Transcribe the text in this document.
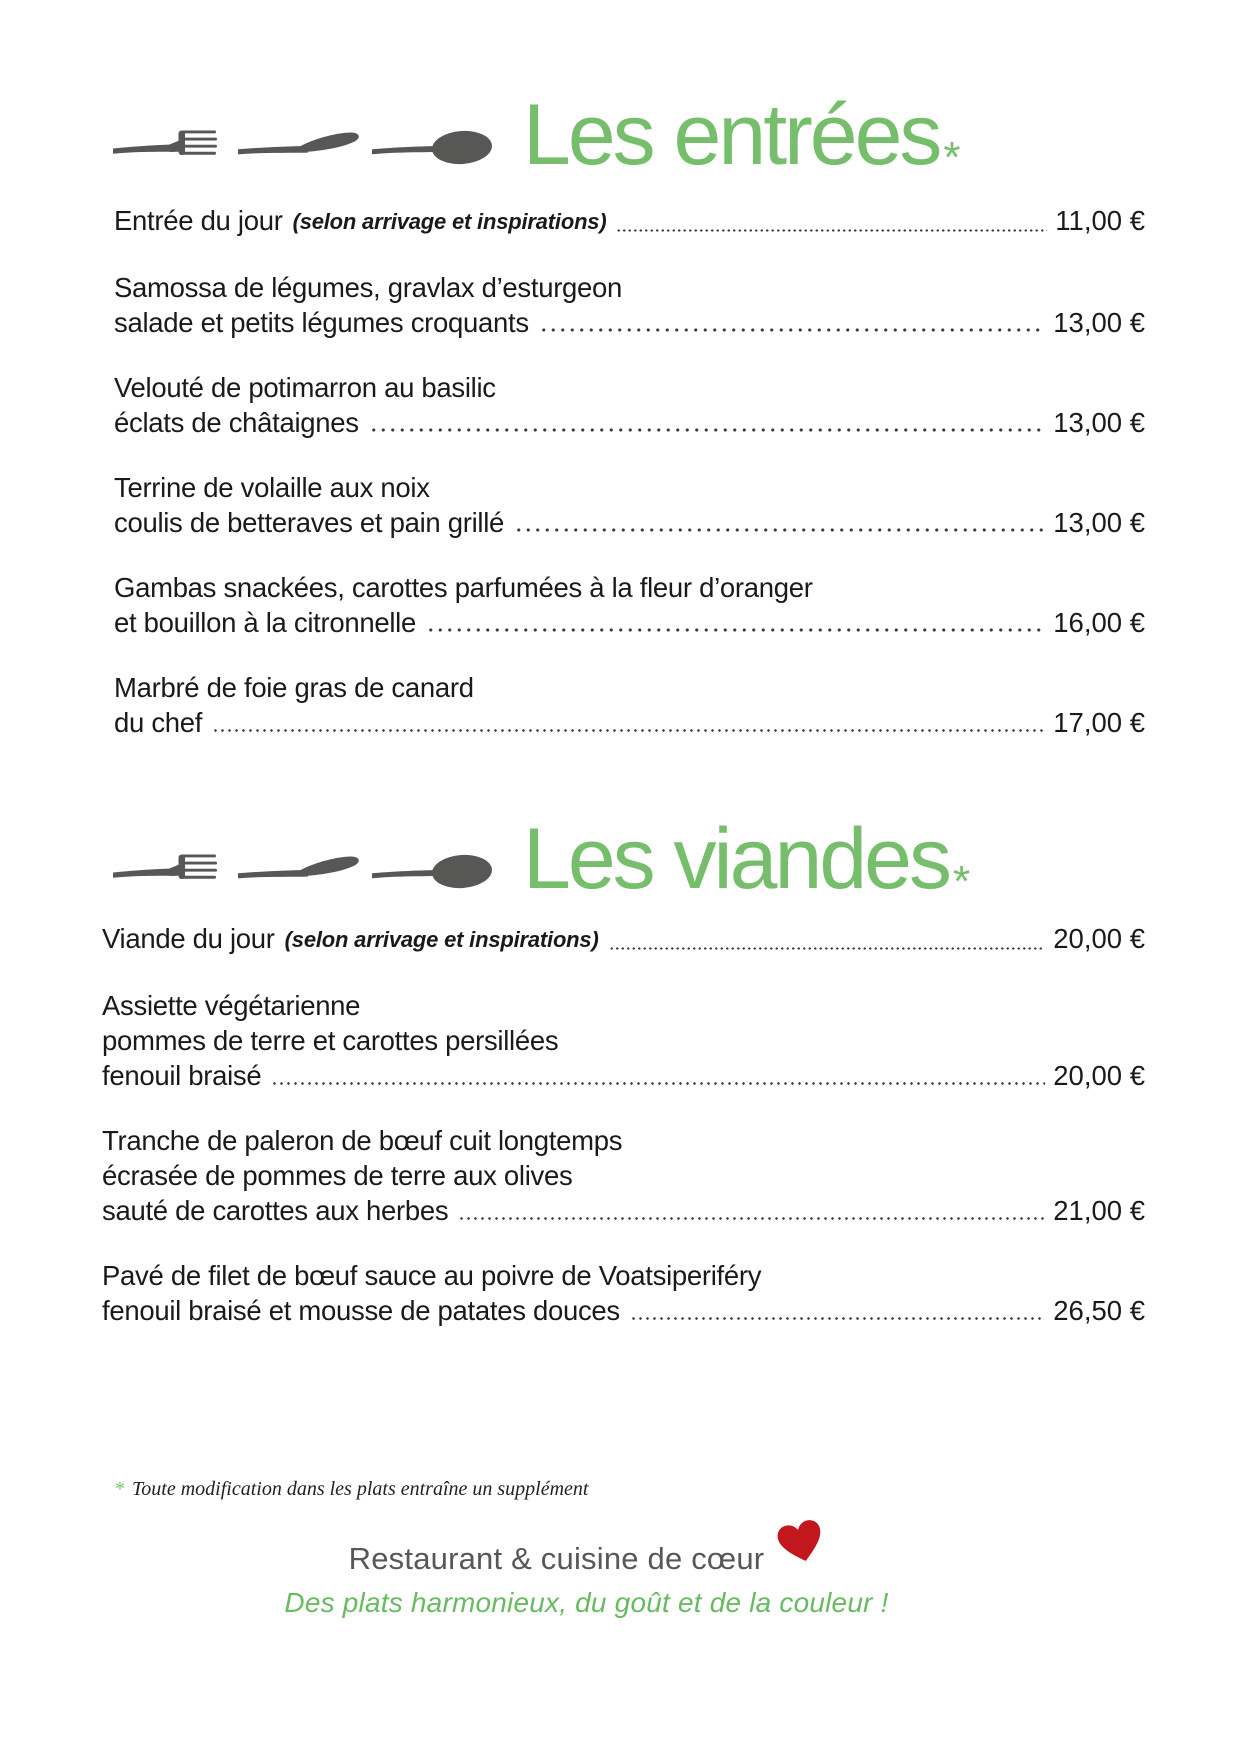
Les entrées*
Entrée du jour (selon arrivage et inspirations)	11,00 €
Samossa de légumes, gravlax d’esturgeon
salade et petits légumes croquants	13,00 €
Velouté de potimarron au basilic
éclats de châtaignes	13,00 €
Terrine de volaille aux noix
coulis de betteraves et pain grillé	13,00 €
Gambas snackées, carottes parfumées à la fleur d’oranger
et bouillon à la citronnelle	16,00 €
Marbré de foie gras de canard
du chef	17,00 €
Les viandes*
Viande du jour (selon arrivage et inspirations)	20,00 €
Assiette végétarienne
pommes de terre et carottes persillées
fenouil braisé	20,00 €
Tranche de paleron de bœuf cuit longtemps
écrasée de pommes de terre aux olives
sauté de carottes aux herbes	21,00 €
Pavé de filet de bœuf sauce au poivre de Voatsiperiféry
fenouil braisé et mousse de patates douces	26,50 €
* Toute modification dans les plats entraîne un supplément
Restaurant & cuisine de cœur
Des plats harmonieux, du goût et de la couleur !
